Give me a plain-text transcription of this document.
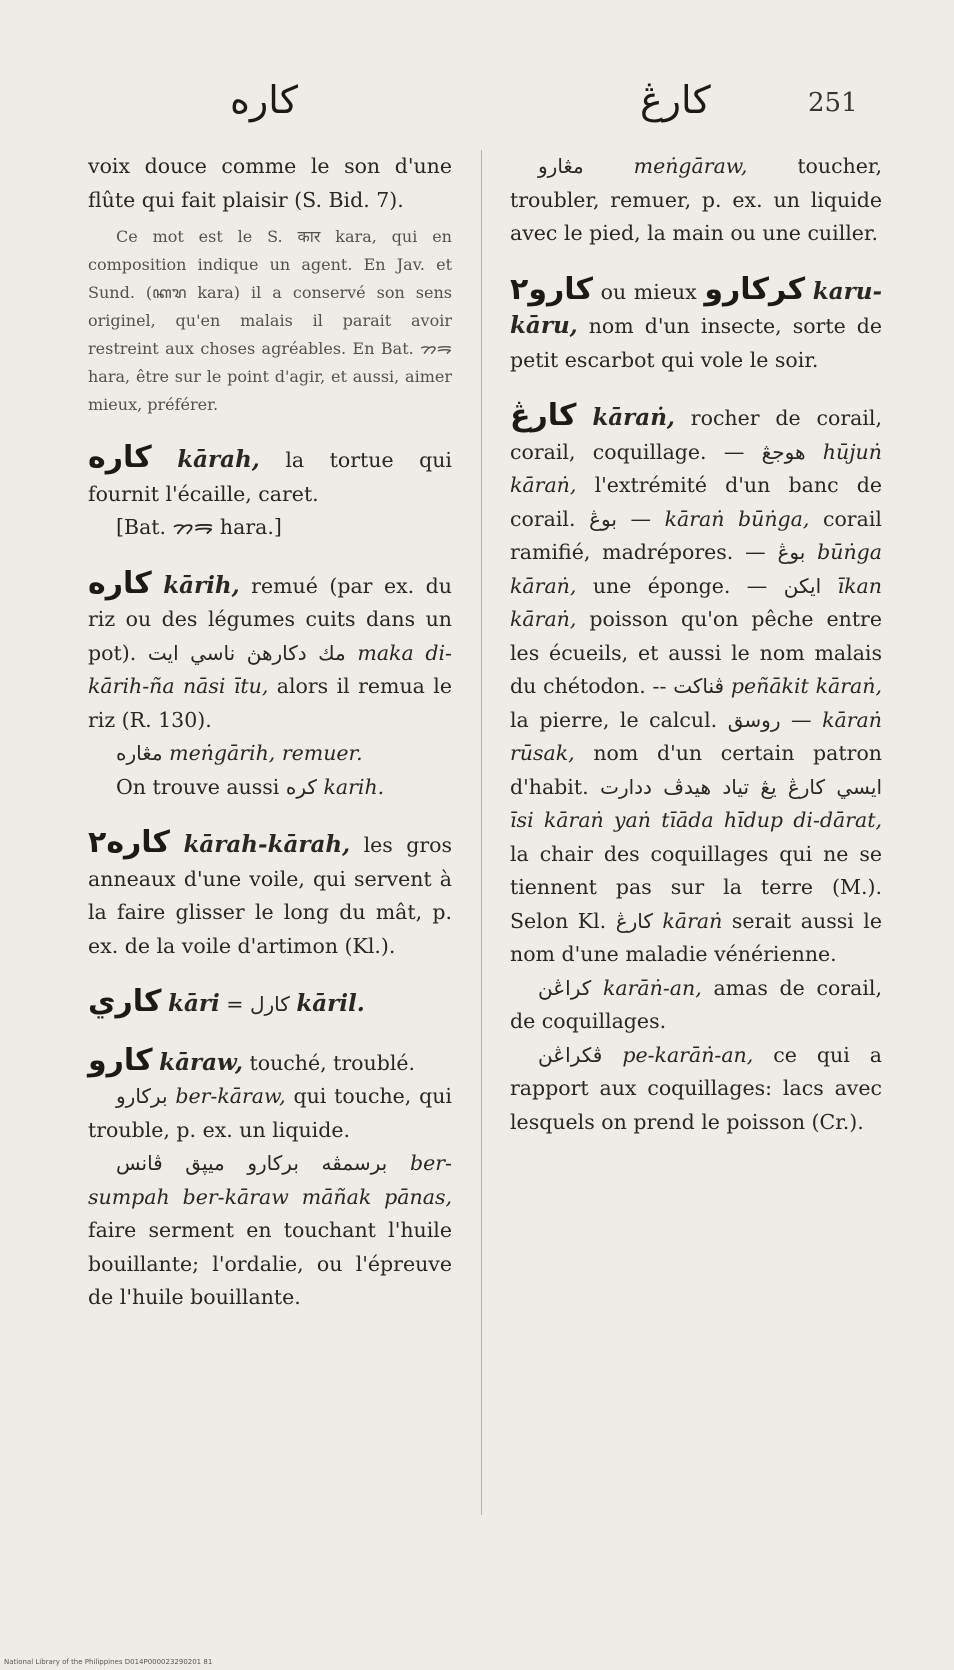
كاره	كارڠ	251

voix douce comme le son d'une flûte qui fait plaisir (S. Bid. 7).

Ce mot est le S. कार kara, qui en composition indique un agent. En Jav. et Sund. (ꦏꦫ kara) il a conservé son sens originel, qu'en malais il parait avoir restreint aux choses agréables. En Bat. ᯂᯒ hara, être sur le point d'agir, et aussi, aimer mieux, préférer.

كاره kārah, la tortue qui fournit l'écaille, caret.

[Bat. ᯂᯒ hara.]

كاره kārih, remué (par ex. du riz ou des légumes cuits dans un pot). مك دكارهڽ ناسي ايت maka di-kārih-ña nāsi ītu, alors il remua le riz (R. 130).

مڠاره meṅgārih, remuer.

On trouve aussi كره karih.

كاره٢ kārah-kārah, les gros anneaux d'une voile, qui servent à la faire glisser le long du mât, p. ex. de la voile d'artimon (Kl.).

كاري kāri = كارل kāril.

كارو kāraw, touché, troublé.

بركارو ber-kāraw, qui touche, qui trouble, p. ex. un liquide.

برسمڤه بركارو ميڽق ڤانس ber-sumpah ber-kāraw māñak pānas, faire serment en touchant l'huile bouillante; l'ordalie, ou l'épreuve de l'huile bouillante.

مڠارو meṅgāraw, toucher, troubler, remuer, p. ex. un liquide avec le pied, la main ou une cuiller.

كارو٢ ou mieux كركارو karu-kāru, nom d'un insecte, sorte de petit escarbot qui vole le soir.

كارڠ kāraṅ, rocher de corail, corail, coquillage. — هوجڠ hūjuṅ kāraṅ, l'extrémité d'un banc de corail. بوڠ — kāraṅ būṅga, corail ramifié, madrépores. — بوڠ būṅga kāraṅ, une éponge. — ايكن īkan kāraṅ, poisson qu'on pêche entre les écueils, et aussi le nom malais du chétodon. -- ڤناكت peñākit kāraṅ, la pierre, le calcul. روسق — kāraṅ rūsak, nom d'un certain patron d'habit. ايسي كارڠ يڠ تياد هيدڤ ددارت īsi kāraṅ yaṅ tīāda hīdup di-dārat, la chair des coquillages qui ne se tiennent pas sur la terre (M.). Selon Kl. كارڠ kāraṅ serait aussi le nom d'une maladie vénérienne.

كراڠن karāṅ-an, amas de corail, de coquillages.

ڤكراڠن pe-karāṅ-an, ce qui a rapport aux coquillages: lacs avec lesquels on prend le poisson (Cr.).

National Library of the Philippines D014P000023290201 81
